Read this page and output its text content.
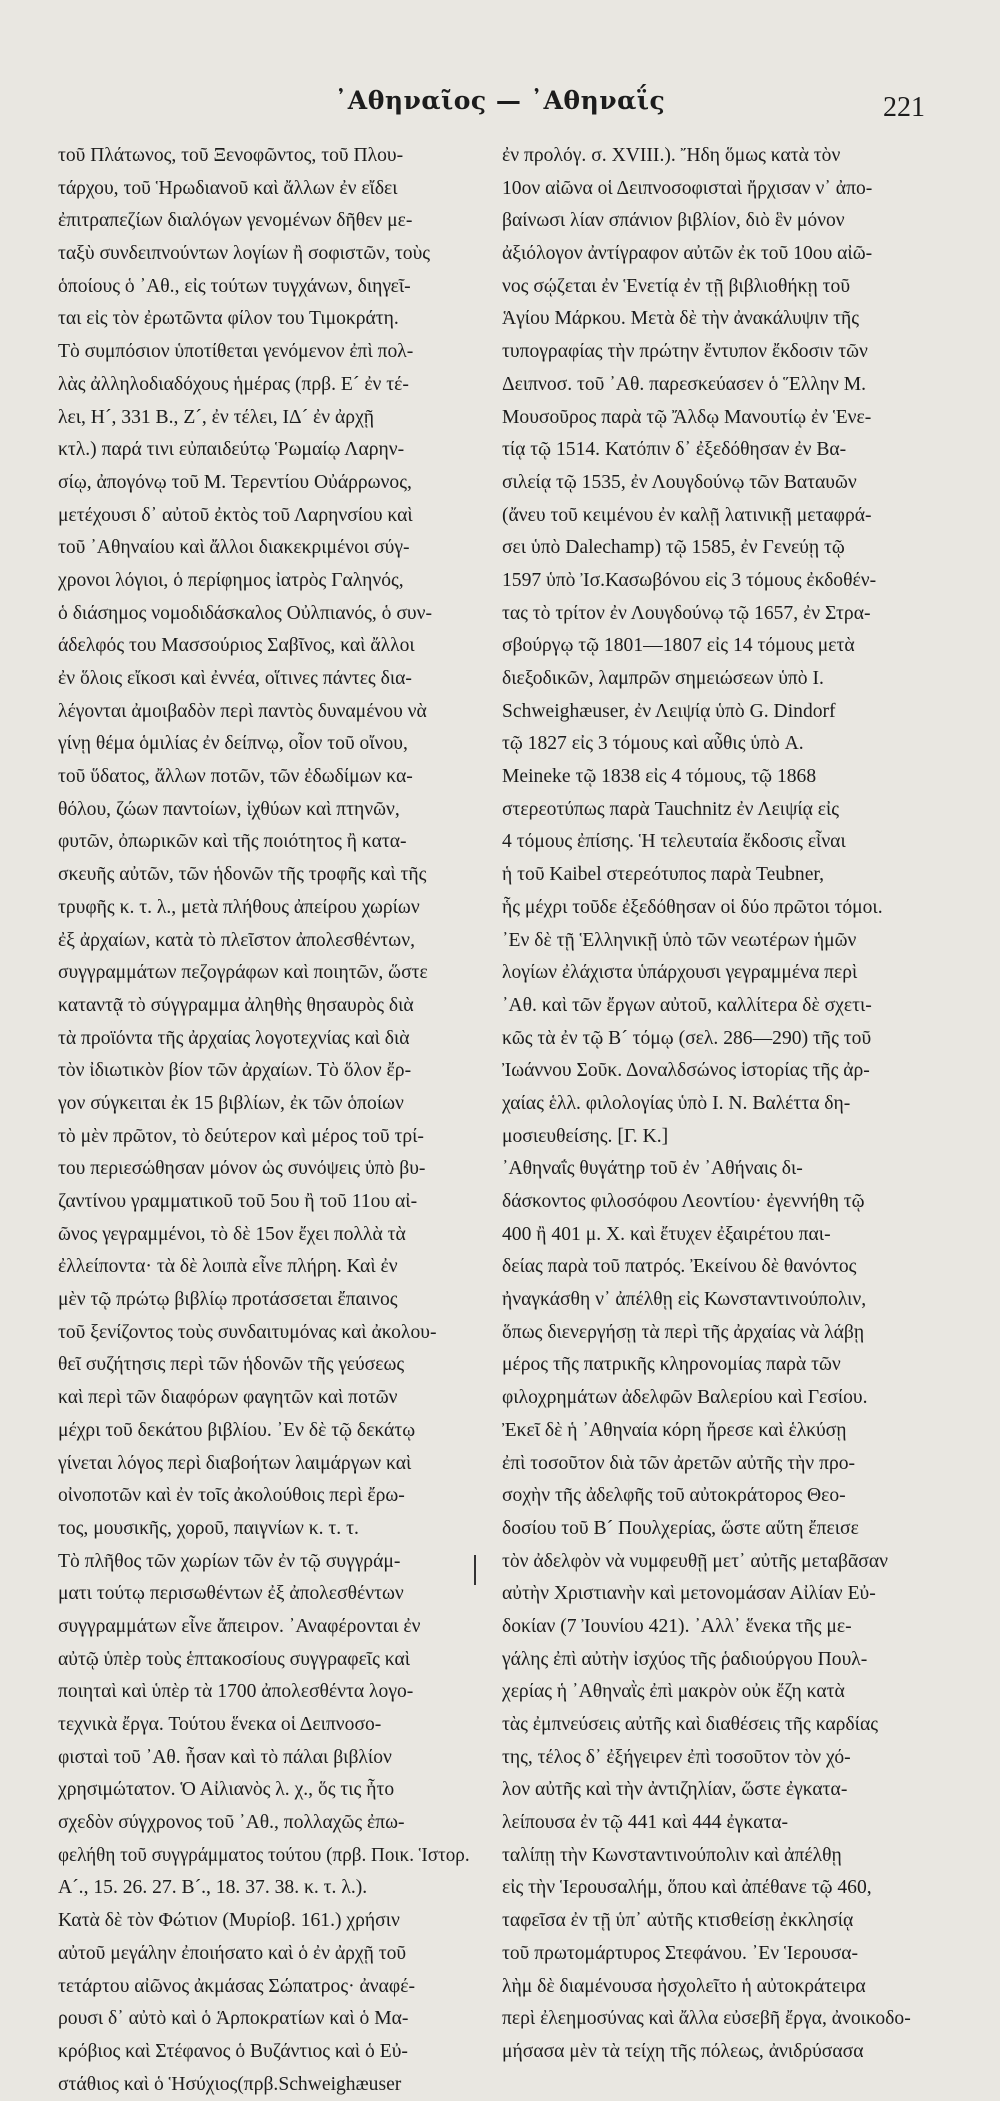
᾿Αθηναῖος — ᾿Αθηναΐς	221
τοῦ Πλάτωνος, τοῦ Ξενοφῶντος, τοῦ Πλου-
τάρχου, τοῦ Ἡρωδιανοῦ καὶ ἄλλων ἐν εἴδει
ἐπιτραπεζίων διαλόγων γενομένων δῆθεν με-
ταξὺ συνδειπνούντων λογίων ἢ σοφιστῶν, τοὺς
ὁποίους ὁ ᾿Αθ., εἰς τούτων τυγχάνων, διηγεῖ-
ται εἰς τὸν ἐρωτῶντα φίλον του Τιμοκράτη.
Τὸ συμπόσιον ὑποτίθεται γενόμενον ἐπὶ πολ-
λὰς ἀλληλοδιαδόχους ἡμέρας (πρβ. Ε´ ἐν τέ-
λει, Η´, 331 Β., Ζ´, ἐν τέλει, ΙΔ´ ἐν ἀρχῇ
κτλ.) παρά τινι εὐπαιδεύτῳ Ῥωμαίῳ Λαρην-
σίῳ, ἀπογόνῳ τοῦ Μ. Τερεντίου Οὐάρρωνος,
μετέχουσι δ᾿ αὐτοῦ ἐκτὸς τοῦ Λαρηνσίου καὶ
τοῦ ᾿Αθηναίου καὶ ἄλλοι διακεκριμένοι σύγ-
χρονοι λόγιοι, ὁ περίφημος ἰατρὸς Γαληνός,
ὁ διάσημος νομοδιδάσκαλος Οὐλπιανός, ὁ συν-
άδελφός του Μασσούριος Σαβῖνος, καὶ ἄλλοι
ἐν ὅλοις εἴκοσι καὶ ἐννέα, οἵτινες πάντες δια-
λέγονται ἀμοιβαδὸν περὶ παντὸς δυναμένου νὰ
γίνῃ θέμα ὁμιλίας ἐν δείπνῳ, οἷον τοῦ οἴνου,
τοῦ ὕδατος, ἄλλων ποτῶν, τῶν ἐδωδίμων κα-
θόλου, ζώων παντοίων, ἰχθύων καὶ πτηνῶν,
φυτῶν, ὀπωρικῶν καὶ τῆς ποιότητος ἢ κατα-
σκευῆς αὐτῶν, τῶν ἡδονῶν τῆς τροφῆς καὶ τῆς
τρυφῆς κ. τ. λ., μετὰ πλήθους ἀπείρου χωρίων
ἐξ ἀρχαίων, κατὰ τὸ πλεῖστον ἀπολεσθέντων,
συγγραμμάτων πεζογράφων καὶ ποιητῶν, ὥστε
καταντᾷ τὸ σύγγραμμα ἀληθὴς θησαυρὸς διὰ
τὰ προϊόντα τῆς ἀρχαίας λογοτεχνίας καὶ διὰ
τὸν ἰδιωτικὸν βίον τῶν ἀρχαίων. Τὸ ὅλον ἔρ-
γον σύγκειται ἐκ 15 βιβλίων, ἐκ τῶν ὁποίων
τὸ μὲν πρῶτον, τὸ δεύτερον καὶ μέρος τοῦ τρί-
του περιεσώθησαν μόνον ὡς συνόψεις ὑπὸ βυ-
ζαντίνου γραμματικοῦ τοῦ 5ου ἢ τοῦ 11ου αἰ-
ῶνος γεγραμμένοι, τὸ δὲ 15ον ἔχει πολλὰ τὰ
ἐλλείποντα· τὰ δὲ λοιπὰ εἶνε πλήρη. Καὶ ἐν
μὲν τῷ πρώτῳ βιβλίῳ προτάσσεται ἔπαινος
τοῦ ξενίζοντος τοὺς συνδαιτυμόνας καὶ ἀκολου-
θεῖ συζήτησις περὶ τῶν ἡδονῶν τῆς γεύσεως
καὶ περὶ τῶν διαφόρων φαγητῶν καὶ ποτῶν
μέχρι τοῦ δεκάτου βιβλίου. ᾿Εν δὲ τῷ δεκάτῳ
γίνεται λόγος περὶ διαβοήτων λαιμάργων καὶ
οἰνοποτῶν καὶ ἐν τοῖς ἀκολούθοις περὶ ἔρω-
τος, μουσικῆς, χοροῦ, παιγνίων κ. τ. τ.
Τὸ πλῆθος τῶν χωρίων τῶν ἐν τῷ συγγράμ-
ματι τούτῳ περισωθέντων ἐξ ἀπολεσθέντων
συγγραμμάτων εἶνε ἄπειρον. ᾿Αναφέρονται ἐν
αὐτῷ ὑπὲρ τοὺς ἑπτακοσίους συγγραφεῖς καὶ
ποιηταὶ καὶ ὑπὲρ τὰ 1700 ἀπολεσθέντα λογο-
τεχνικὰ ἔργα. Τούτου ἕνεκα οἱ Δειπνοσο-
φισταὶ τοῦ ᾿Αθ. ἦσαν καὶ τὸ πάλαι βιβλίον
χρησιμώτατον. Ὁ Αἰλιανὸς λ. χ., ὅς τις ἦτο
σχεδὸν σύγχρονος τοῦ ᾿Αθ., πολλαχῶς ἐπω-
φελήθη τοῦ συγγράμματος τούτου (πρβ. Ποικ. Ἱστορ.
Α´., 15. 26. 27. Β´., 18. 37. 38. κ. τ. λ.).
Κατὰ δὲ τὸν Φώτιον (Μυρίοβ. 161.) χρήσιν
αὐτοῦ μεγάλην ἐποιήσατο καὶ ὁ ἐν ἀρχῇ τοῦ
τετάρτου αἰῶνος ἀκμάσας Σώπατρος· ἀναφέ-
ρουσι δ᾿ αὐτὸ καὶ ὁ Ἁρποκρατίων καὶ ὁ Μα-
κρόβιος καὶ Στέφανος ὁ Βυζάντιος καὶ ὁ Εὐ-
στάθιος καὶ ὁ Ἡσύχιος(πρβ.Schweighæuser
ἐν προλόγ. σ. XVIII.). Ἤδη ὅμως κατὰ τὸν
10ον αἰῶνα οἱ Δειπνοσοφισταὶ ἤρχισαν ν᾿ ἀπο-
βαίνωσι λίαν σπάνιον βιβλίον, διὸ ἓν μόνον
ἀξιόλογον ἀντίγραφον αὐτῶν ἐκ τοῦ 10ου αἰῶ-
νος σῴζεται ἐν Ἑνετίᾳ ἐν τῇ βιβλιοθήκῃ τοῦ
Ἁγίου Μάρκου. Μετὰ δὲ τὴν ἀνακάλυψιν τῆς
τυπογραφίας τὴν πρώτην ἔντυπον ἔκδοσιν τῶν
Δειπνοσ. τοῦ ᾿Αθ. παρεσκεύασεν ὁ Ἕλλην Μ.
Μουσοῦρος παρὰ τῷ Ἄλδῳ Μανουτίῳ ἐν Ἑνε-
τίᾳ τῷ 1514. Κατόπιν δ᾿ ἐξεδόθησαν ἐν Βα-
σιλείᾳ τῷ 1535, ἐν Λουγδούνῳ τῶν Βαταυῶν
(ἄνευ τοῦ κειμένου ἐν καλῇ λατινικῇ μεταφρά-
σει ὑπὸ Dalechamp) τῷ 1585, ἐν Γενεύῃ τῷ
1597 ὑπὸ Ἰσ.Κασωβόνου εἰς 3 τόμους ἐκδοθέν-
τας τὸ τρίτον ἐν Λουγδούνῳ τῷ 1657, ἐν Στρα-
σβούργῳ τῷ 1801—1807 εἰς 14 τόμους μετὰ
διεξοδικῶν, λαμπρῶν σημειώσεων ὑπὸ I.
Schweighæuser, ἐν Λειψίᾳ ὑπὸ G. Dindorf
τῷ 1827 εἰς 3 τόμους καὶ αὖθις ὑπὸ A.
Meineke τῷ 1838 εἰς 4 τόμους, τῷ 1868
στερεοτύπως παρὰ Tauchnitz ἐν Λειψίᾳ εἰς
4 τόμους ἐπίσης. Ἡ τελευταία ἔκδοσις εἶναι
ἡ τοῦ Kaibel στερεότυπος παρὰ Teubner,
ἧς μέχρι τοῦδε ἐξεδόθησαν οἱ δύο πρῶτοι τόμοι.
᾿Εν δὲ τῇ Ἑλληνικῇ ὑπὸ τῶν νεωτέρων ἡμῶν
λογίων ἐλάχιστα ὑπάρχουσι γεγραμμένα περὶ
᾿Αθ. καὶ τῶν ἔργων αὐτοῦ, καλλίτερα δὲ σχετι-
κῶς τὰ ἐν τῷ Β´ τόμῳ (σελ. 286—290) τῆς τοῦ
Ἰωάννου Σοῦκ. Δοναλδσώνος ἱστορίας τῆς ἀρ-
χαίας ἑλλ. φιλολογίας ὑπὸ I. N. Βαλέττα δη-
μοσιευθείσης. [Γ. Κ.]
᾿Αθηναΐς θυγάτηρ τοῦ ἐν ᾿Αθήναις δι-
δάσκοντος φιλοσόφου Λεοντίου· ἐγεννήθη τῷ
400 ἢ 401 μ. Χ. καὶ ἔτυχεν ἐξαιρέτου παι-
δείας παρὰ τοῦ πατρός. Ἐκείνου δὲ θανόντος
ἠναγκάσθη ν᾿ ἀπέλθῃ εἰς Κωνσταντινούπολιν,
ὅπως διενεργήσῃ τὰ περὶ τῆς ἀρχαίας νὰ λάβῃ
μέρος τῆς πατρικῆς κληρονομίας παρὰ τῶν
φιλοχρημάτων ἀδελφῶν Βαλερίου καὶ Γεσίου.
Ἐκεῖ δὲ ἡ ᾿Αθηναία κόρη ἤρεσε καὶ ἑλκύσῃ
ἐπὶ τοσοῦτον διὰ τῶν ἀρετῶν αὐτῆς τὴν προ-
σοχὴν τῆς ἀδελφῆς τοῦ αὐτοκράτορος Θεο-
δοσίου τοῦ Β´ Πουλχερίας, ὥστε αὕτη ἔπεισε
τὸν ἀδελφὸν νὰ νυμφευθῇ μετ᾿ αὐτῆς μεταβᾶσαν
αὐτὴν Χριστιανὴν καὶ μετονομάσαν Αἰλίαν Εὐ-
δοκίαν (7 Ἰουνίου 421). ᾿Αλλ᾿ ἕνεκα τῆς με-
γάλης ἐπὶ αὐτὴν ἰσχύος τῆς ῥαδιούργου Πουλ-
χερίας ἡ ᾿Αθηναῒς ἐπὶ μακρὸν οὐκ ἔζη κατὰ
τὰς ἐμπνεύσεις αὐτῆς καὶ διαθέσεις τῆς καρδίας
της, τέλος δ᾿ ἐξήγειρεν ἐπὶ τοσοῦτον τὸν χό-
λον αὐτῆς καὶ τὴν ἀντιζηλίαν, ὥστε ἐγκατα-
λείπουσα ἐν τῷ 441 καὶ 444 ἐγκατα-
ταλίπῃ τὴν Κωνσταντινούπολιν καὶ ἀπέλθῃ
εἰς τὴν Ἱερουσαλήμ, ὅπου καὶ ἀπέθανε τῷ 460,
ταφεῖσα ἐν τῇ ὑπ᾿ αὐτῆς κτισθείσῃ ἐκκλησίᾳ
τοῦ πρωτομάρτυρος Στεφάνου. ᾿Εν Ἱερουσα-
λὴμ δὲ διαμένουσα ἠσχολεῖτο ἡ αὐτοκράτειρα
περὶ ἐλεημοσύνας καὶ ἄλλα εὐσεβῆ ἔργα, ἀνοικοδο-
μήσασα μὲν τὰ τείχη τῆς πόλεως, ἀνιδρύσασα
